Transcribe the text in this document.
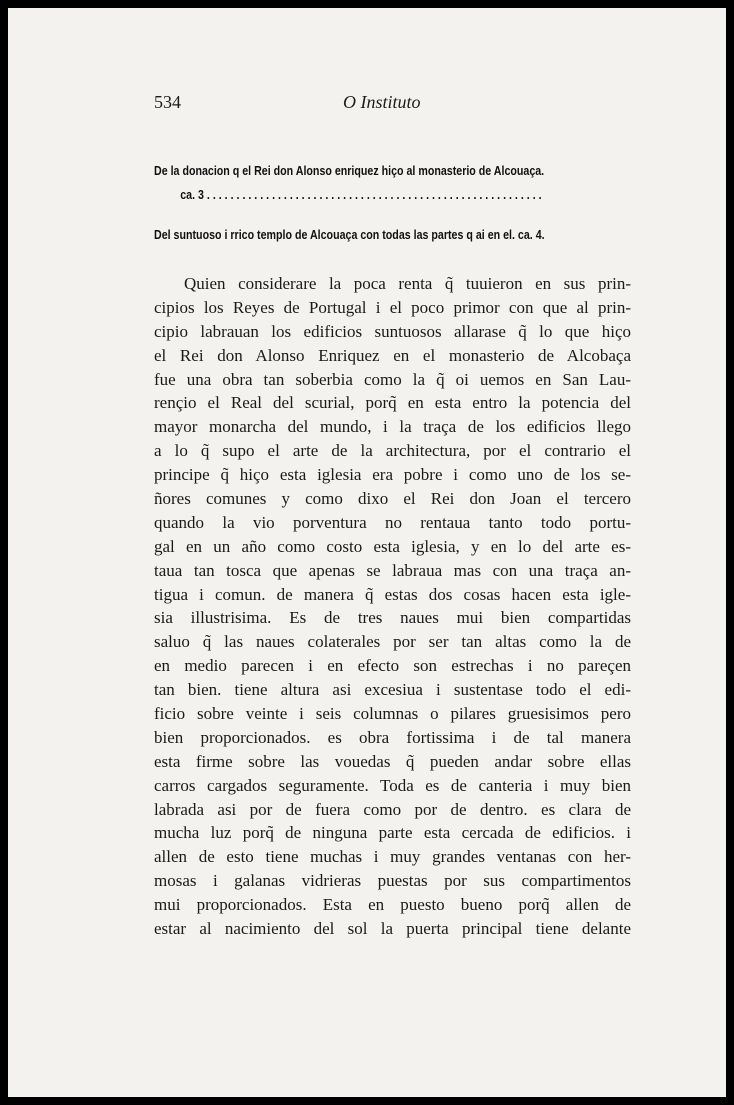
534	O Instituto
De la donacion q el Rei don Alonso enriquez hiço al monasterio de Alcouaça.
ca. 3 . . . . . . . . . . . . . . . . . . . . . . . . . . . . . . . . . . . . . . . . . . . . . . . . . . . . . . . . .
Del suntuoso i rrico templo de Alcouaça con todas las partes q ai en el. ca. 4.
Quien considerare la poca renta q̃ tuuieron en sus prin-
cipios los Reyes de Portugal i el poco primor con que al prin-
cipio labrauan los edificios suntuosos allarase q̃ lo que hiço
el Rei don Alonso Enriquez en el monasterio de Alcobaça
fue una obra tan soberbia como la q̃ oi uemos en San Lau-
rençio el Real del scurial, porq̃ en esta entro la potencia del
mayor monarcha del mundo, i la traça de los edificios llego
a lo q̃ supo el arte de la architectura, por el contrario el
principe q̃ hiço esta iglesia era pobre i como uno de los se-
ñores comunes y como dixo el Rei don Joan el tercero
quando la vio porventura no rentaua tanto todo portu-
gal en un año como costo esta iglesia, y en lo del arte es-
taua tan tosca que apenas se labraua mas con una traça an-
tigua i comun. de manera q̃ estas dos cosas hacen esta igle-
sia illustrisima. Es de tres naues mui bien compartidas
saluo q̃ las naues colaterales por ser tan altas como la de
en medio parecen i en efecto son estrechas i no pareçen
tan bien. tiene altura asi excesiua i sustentase todo el edi-
ficio sobre veinte i seis columnas o pilares gruesisimos pero
bien proporcionados. es obra fortissima i de tal manera
esta firme sobre las vouedas q̃ pueden andar sobre ellas
carros cargados seguramente. Toda es de canteria i muy bien
labrada asi por de fuera como por de dentro. es clara de
mucha luz porq̃ de ninguna parte esta cercada de edificios. i
allen de esto tiene muchas i muy grandes ventanas con her-
mosas i galanas vidrieras puestas por sus compartimentos
mui proporcionados. Esta en puesto bueno porq̃ allen de
estar al nacimiento del sol la puerta principal tiene delante
